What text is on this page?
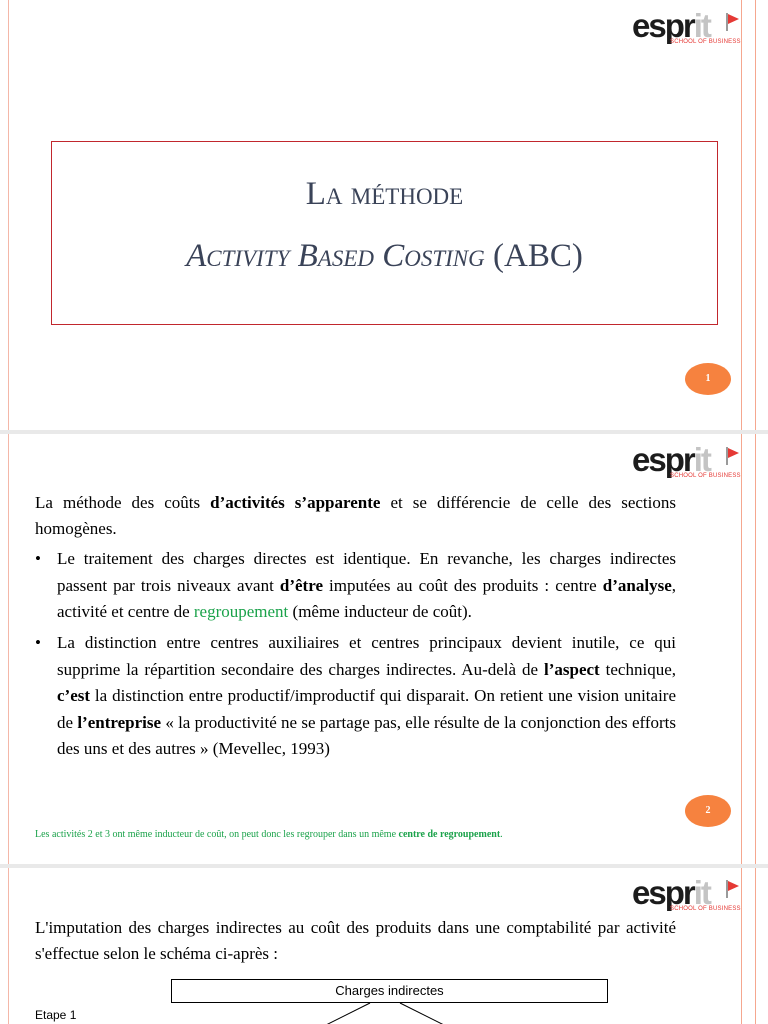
esprit
SCHOOL OF BUSINESS
La méthode
Activity Based Costing (ABC)
1
esprit
SCHOOL OF BUSINESS
La méthode des coûts d’activités s’apparente et se différencie de celle des sections homogènes.
• Le traitement des charges directes est identique. En revanche, les charges indirectes passent par trois niveaux avant d’être imputées au coût des produits : centre d’analyse, activité et centre de regroupement (même inducteur de coût).
• La distinction entre centres auxiliaires et centres principaux devient inutile, ce qui supprime la répartition secondaire des charges indirectes. Au-delà de l’aspect technique, c’est la distinction entre productif/improductif qui disparait. On retient une vision unitaire de l’entreprise « la productivité ne se partage pas, elle résulte de la conjonction des efforts des uns et des autres » (Mevellec, 1993)
2
Les activités 2 et 3 ont même inducteur de coût, on peut donc les regrouper dans un même centre de regroupement.
esprit
SCHOOL OF BUSINESS
L'imputation des charges indirectes au coût des produits dans une comptabilité par activité s'effectue selon le schéma ci-après :
Charges indirectes
Etape 1
